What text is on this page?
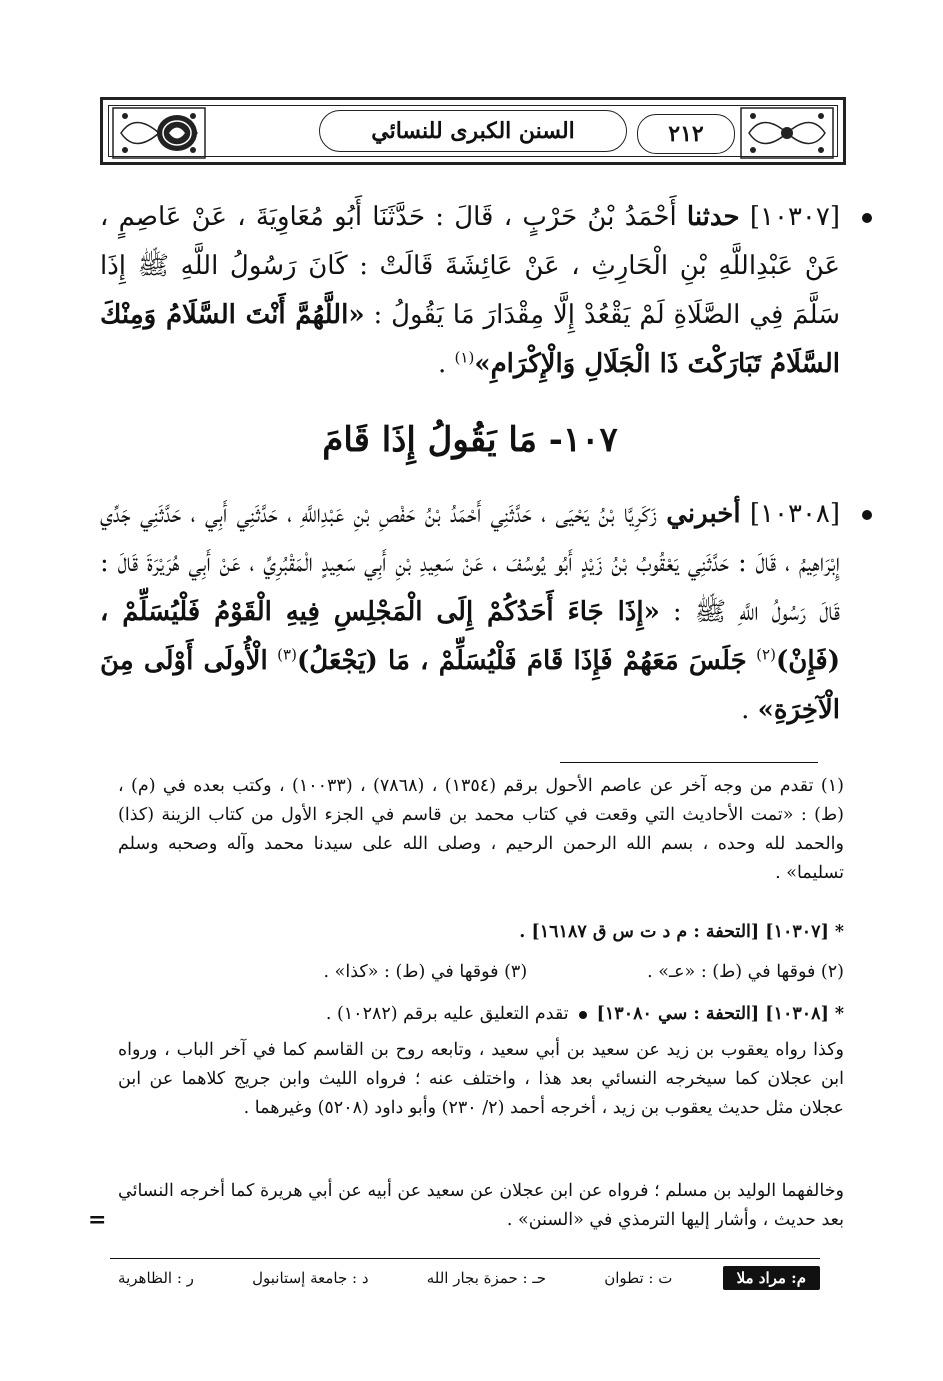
٢١٢
السنن الكبرى للنسائي
[١٠٣٠٧] حدثنا أَحْمَدُ بْنُ حَرْبٍ ، قَالَ : حَدَّثَنَا أَبُو مُعَاوِيَةَ ، عَنْ عَاصِمٍ ، عَنْ عَبْدِاللَّهِ بْنِ الْحَارِثِ ، عَنْ عَائِشَةَ قَالَتْ : كَانَ رَسُولُ اللَّهِ ﷺ إِذَا سَلَّمَ فِي الصَّلَاةِ لَمْ يَقْعُدْ إِلَّا مِقْدَارَ مَا يَقُولُ : «اللَّهُمَّ أَنْتَ السَّلَامُ وَمِنْكَ السَّلَامُ تَبَارَكْتَ ذَا الْجَلَالِ وَالْإِكْرَامِ»$^{(١)}$ .
١٠٧- مَا يَقُولُ إِذَا قَامَ
[١٠٣٠٨] أخبرني زَكَرِيَّا بْنُ يَحْيَى ، حَدَّثَنِي أَحْمَدُ بْنُ حَفْصِ بْنِ عَبْدِاللَّهِ ، حَدَّثَنِي أَبِي ، حَدَّثَنِي جَدِّي إِبْرَاهِيمُ ، قَالَ : حَدَّثَنِي يَعْقُوبُ بْنُ زَيْدٍ أَبُو يُوسُفَ ، عَنْ سَعِيدِ بْنِ أَبِي سَعِيدٍ الْمَقْبُرِيِّ ، عَنْ أَبِي هُرَيْرَةَ قَالَ : قَالَ رَسُولُ اللَّهِ ﷺ : «إِذَا جَاءَ أَحَدُكُمْ إِلَى الْمَجْلِسِ فِيهِ الْقَوْمُ فَلْيُسَلِّمْ ، (فَإِنْ)$^{(٢)}$ جَلَسَ مَعَهُمْ فَإِذَا قَامَ فَلْيُسَلِّمْ ، مَا (يَجْعَلُ)$^{(٣)}$ الْأُولَى أَوْلَى مِنَ الْآخِرَةِ» .
(١) تقدم من وجه آخر عن عاصم الأحول برقم (١٣٥٤) ، (٧٨٦٨) ، (١٠٠٣٣) ، وكتب بعده في (م) ، (ط) : «تمت الأحاديث التي وقعت في كتاب محمد بن قاسم في الجزء الأول من كتاب الزينة (كذا) والحمد لله وحده ، بسم الله الرحمن الرحيم ، وصلى الله على سيدنا محمد وآله وصحبه وسلم تسليما» .
*[١٠٣٠٧] [التحفة : م د ت س ق ١٦١٨٧] .
(٢) فوقها في (ط) : «عـ» .
(٣) فوقها في (ط) : «كذا» .
*[١٠٣٠٨] [التحفة : سي ١٣٠٨٠]تقدم التعليق عليه برقم (١٠٢٨٢) .
وكذا رواه يعقوب بن زيد عن سعيد بن أبي سعيد ، وتابعه روح بن القاسم كما في آخر الباب ، ورواه ابن عجلان كما سيخرجه النسائي بعد هذا ، واختلف عنه ؛ فرواه الليث وابن جريج كلاهما عن ابن عجلان مثل حديث يعقوب بن زيد ، أخرجه أحمد (٢/ ٢٣٠) وأبو داود (٥٢٠٨) وغيرهما .
وخالفهما الوليد بن مسلم ؛ فرواه عن ابن عجلان عن سعيد عن أبيه عن أبي هريرة كما أخرجه النسائي بعد حديث ، وأشار إليها الترمذي في «السنن» .
=
م: مراد ملا
ت : تطوان
حـ : حمزة بجار الله
د : جامعة إستانبول
ر : الظاهرية
